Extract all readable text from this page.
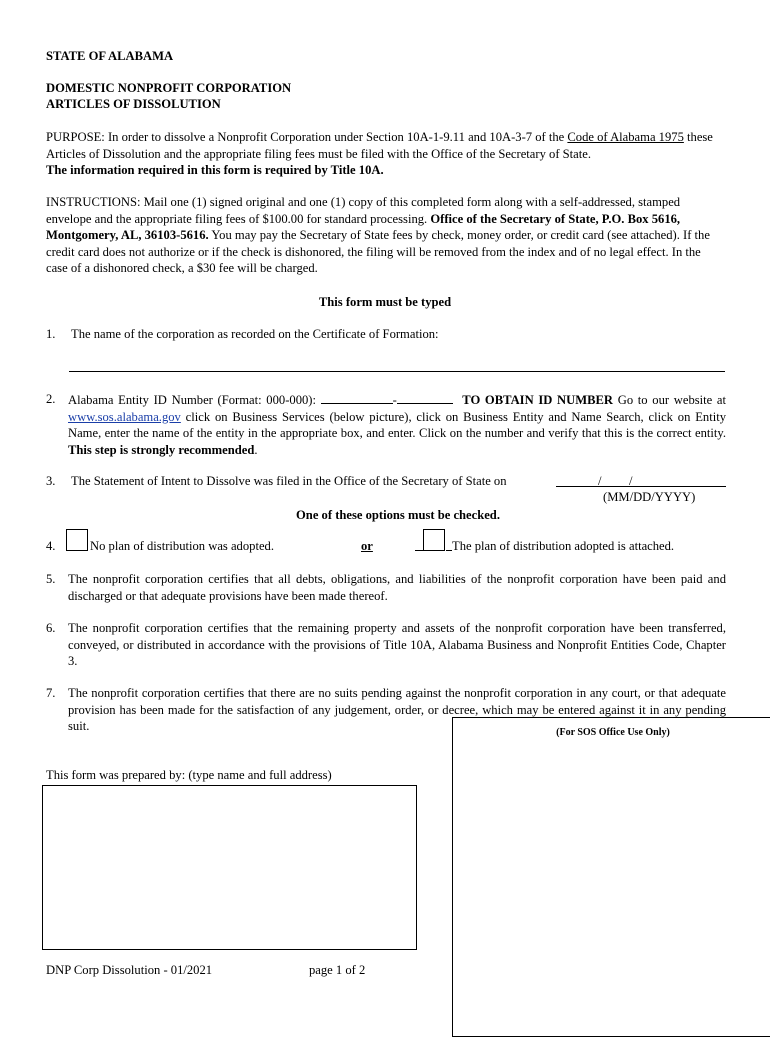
STATE OF ALABAMA
DOMESTIC NONPROFIT CORPORATION
ARTICLES OF DISSOLUTION
PURPOSE: In order to dissolve a Nonprofit Corporation under Section 10A-1-9.11 and 10A-3-7 of the Code of Alabama 1975 these Articles of Dissolution and the appropriate filing fees must be filed with the Office of the Secretary of State.
The information required in this form is required by Title 10A.
INSTRUCTIONS: Mail one (1) signed original and one (1) copy of this completed form along with a self-addressed, stamped envelope and the appropriate filing fees of $100.00 for standard processing. Office of the Secretary of State, P.O. Box 5616, Montgomery, AL, 36103-5616. You may pay the Secretary of State fees by check, money order, or credit card (see attached). If the credit card does not authorize or if the check is dishonored, the filing will be removed from the index and of no legal effect. In the case of a dishonored check, a $30 fee will be charged.
This form must be typed
1. The name of the corporation as recorded on the Certificate of Formation:
2. Alabama Entity ID Number (Format: 000-000):	-	TO OBTAIN ID NUMBER Go to our website at www.sos.alabama.gov click on Business Services (below picture), click on Business Entity and Name Search, click on Entity Name, enter the name of the entity in the appropriate box, and enter. Click on the number and verify that this is the correct entity. This step is strongly recommended.
3. The Statement of Intent to Dissolve was filed in the Office of the Secretary of State on	/ /
(MM/DD/YYYY)
One of these options must be checked.
4.	No plan of distribution was adopted.	or	The plan of distribution adopted is attached.
5. The nonprofit corporation certifies that all debts, obligations, and liabilities of the nonprofit corporation have been paid and discharged or that adequate provisions have been made thereof.
6. The nonprofit corporation certifies that the remaining property and assets of the nonprofit corporation have been transferred, conveyed, or distributed in accordance with the provisions of Title 10A, Alabama Business and Nonprofit Entities Code, Chapter 3.
7. The nonprofit corporation certifies that there are no suits pending against the nonprofit corporation in any court, or that adequate provision has been made for the satisfaction of any judgement, order, or decree, which may be entered against it in any pending suit.	(For SOS Office Use Only)
This form was prepared by: (type name and full address)
DNP Corp Dissolution - 01/2021	page 1 of 2
